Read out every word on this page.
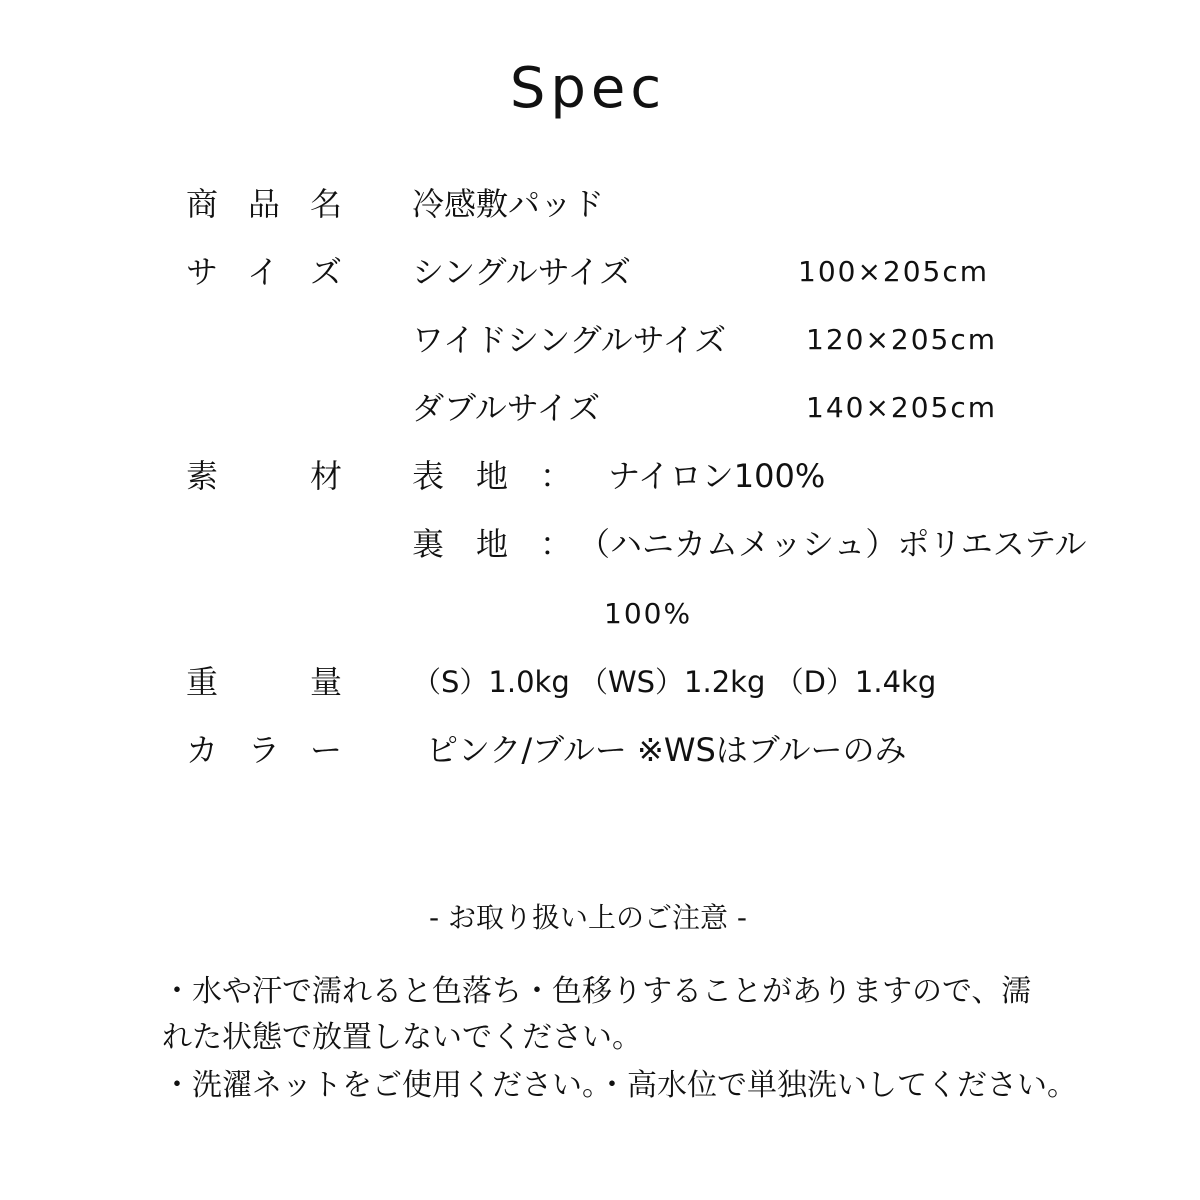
Spec
商品名 冷感敷パッド
サイズ シングルサイズ	100×205cm
ワイドシングルサイズ	120×205cm
ダブルサイズ	140×205cm
素材 表　地　： ナイロン100%
裏　地　： （ハニカムメッシュ）ポリエステル
100%
重量 （S）1.0kg （WS）1.2kg （D）1.4kg
カラー	ピンク/ブルー ※WSはブルーのみ
- お取り扱い上のご注意 -
・水や汗で濡れると色落ち・色移りすることがありますので、濡
れた状態で放置しないでください。
・洗濯ネットをご使用ください。・高水位で単独洗いしてください。
